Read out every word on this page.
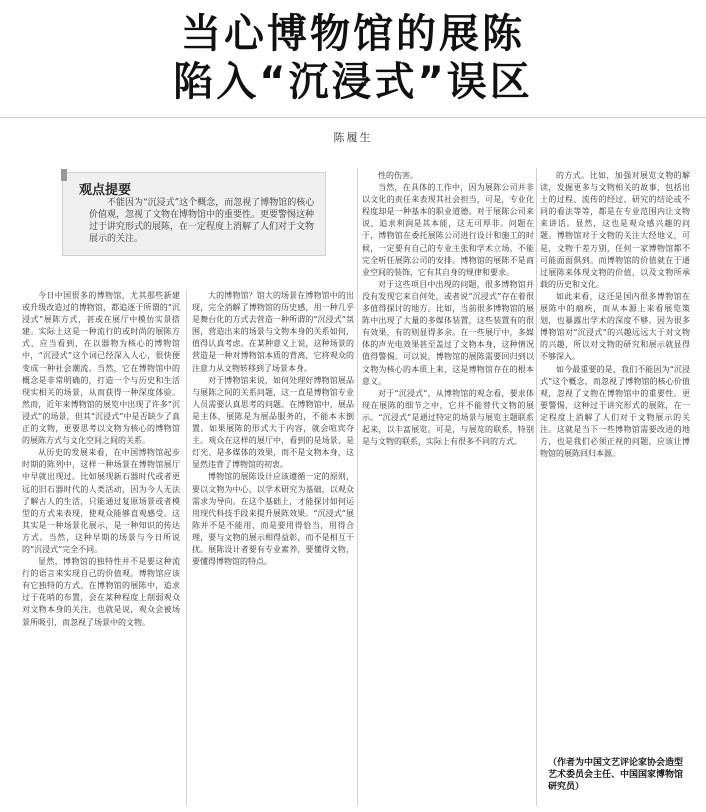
当心博物馆的展陈
陷入“沉浸式”误区
陈履生
观点提要
不能因为“沉浸式”这个概念，而忽视了博物馆的核心价值观，忽视了文物在博物馆中的重要性。更要警惕这种过于讲究形式的展陈，在一定程度上消解了人们对于文物展示的关注。

今日中国很多的博物馆，尤其那些新建或升级改造过的博物馆，都追逐于所谓的“沉浸式”展陈方式，甚或在展厅中模仿实景搭建。实际上这是一种流行的或时尚的展陈方式，应当看到，在以器物为核心的博物馆中，“沉浸式”这个词已经深入人心，很快便变成一种社会潮流。当然，它在博物馆中的概念是非常明确的，打造一个与历史和生活现实相关的场景，从而获得一种深度体验。然而，近年来博物馆的展览中出现了许多“沉浸式”的场景，但其“沉浸式”中是否缺少了真正的文物，更要思考以文物为核心的博物馆的展陈方式与文化空间之间的关系。

从历史的发展来看，在中国博物馆起步时期的陈列中，这样一种场景在博物馆展厅中早就出现过。比如展现新石器时代或者更远的旧石器时代的人类活动，因为今人无法了解古人的生活，只能通过复原场景或者模型的方式来表现，使观众能够直观感受。这其实是一种场景化展示，是一种知识的传达方式。当然，这种早期的场景与今日所说的“沉浸式”完全不同。

显然，博物馆的独特性并不是要这种流行的语言来实现自己的价值观。博物馆应该有它独特的方式。在博物馆的展陈中，追求过于花哨的布置，会在某种程度上削弱观众对文物本身的关注，也就是说，观众会被场景所吸引，而忽视了场景中的文物。

大的博物馆？馆大的场景在博物馆中的出现，完全消解了博物馆的历史感，用一种几乎是舞台化的方式去营造一种所谓的“沉浸式”氛围，营造出来的场景与文物本身的关系如何，值得认真考虑。在某种意义上说，这种场景的营造是一种对博物馆本质的背离，它将观众的注意力从文物转移到了场景本身。

对于博物馆来说，如何处理好博物馆展品与展陈之间的关系问题，这一直是博物馆专业人员需要认真思考的问题。在博物馆中，展品是主体，展陈是为展品服务的，不能本末倒置。如果展陈的形式大于内容，就会喧宾夺主。观众在这样的展厅中，看到的是场景、是灯光、是多媒体的效果，而不是文物本身，这显然违背了博物馆的初衷。

博物馆的展陈设计应该遵循一定的原则，要以文物为中心，以学术研究为基础，以观众需求为导向。在这个基础上，才能探讨如何运用现代科技手段来提升展陈效果。“沉浸式”展陈并不是不能用，而是要用得恰当，用得合理，要与文物的展示相得益彰，而不是相互干扰。展陈设计者要有专业素养，要懂得文物，要懂得博物馆的特点。

性的伤害。

当然，在具体的工作中，因为展陈公司并非以文化的责任来表现其社会担当，可是，专业化程度却是一种基本的职业道德。对于展陈公司来说，追求利润是其本能，这无可厚非。问题在于，博物馆在委托展陈公司进行设计和施工的时候，一定要有自己的专业主张和学术立场，不能完全听任展陈公司的安排。博物馆的展陈不是商业空间的装饰，它有其自身的规律和要求。

对于这些项目中出现的问题，很多博物馆并没有发现它来自何处，或者说“沉浸式”存在着很多值得探讨的地方。比如，当前很多博物馆的展陈中出现了大量的多媒体装置，这些装置有的很有效果，有的则显得多余。在一些展厅中，多媒体的声光电效果甚至盖过了文物本身，这种情况值得警惕。可以说，博物馆的展陈需要回归到以文物为核心的本质上来，这是博物馆存在的根本意义。

对于“沉浸式”，从博物馆的观念看，要求体现在展陈的细节之中，它并不能替代文物的展示。“沉浸式”是通过特定的场景与展览主题联系起来，以丰富展览。可是，与展览的联系，特别是与文物的联系，实际上有很多不同的方式。

的方式。比如，加强对展览文物的解读，发掘更多与文物相关的故事，包括出土的过程、流传的经过、研究的结论或不同的看法等等，都是在专业范围内让文物来讲话。显然，这也是观众感兴趣的问题。博物馆对于文物的关注大经地义，可是，文物千差万别，任何一家博物馆都不可能面面俱到。而博物馆的价值就在于通过展陈来体现文物的价值，以及文物所承载的历史和文化。

如此来看，这还是国内很多博物馆在展陈中的痼疾，而从本源上来看展览策划，也暴露出学术的深度不够。因为很多博物馆对“沉浸式”的兴趣远远大于对文物的兴趣，所以对文物的研究和展示就显得不够深入。

如今最重要的是，我们不能因为“沉浸式”这个概念，而忽视了博物馆的核心价值观，忽视了文物在博物馆中的重要性。更要警惕，这种过于讲究形式的展陈，在一定程度上消解了人们对于文物展示的关注。这就是当下一些博物馆需要改进的地方，也是我们必须正视的问题，应该让博物馆的展陈回归本源。

（作者为中国文艺评论家协会造型艺术委员会主任、中国国家博物馆研究员）
